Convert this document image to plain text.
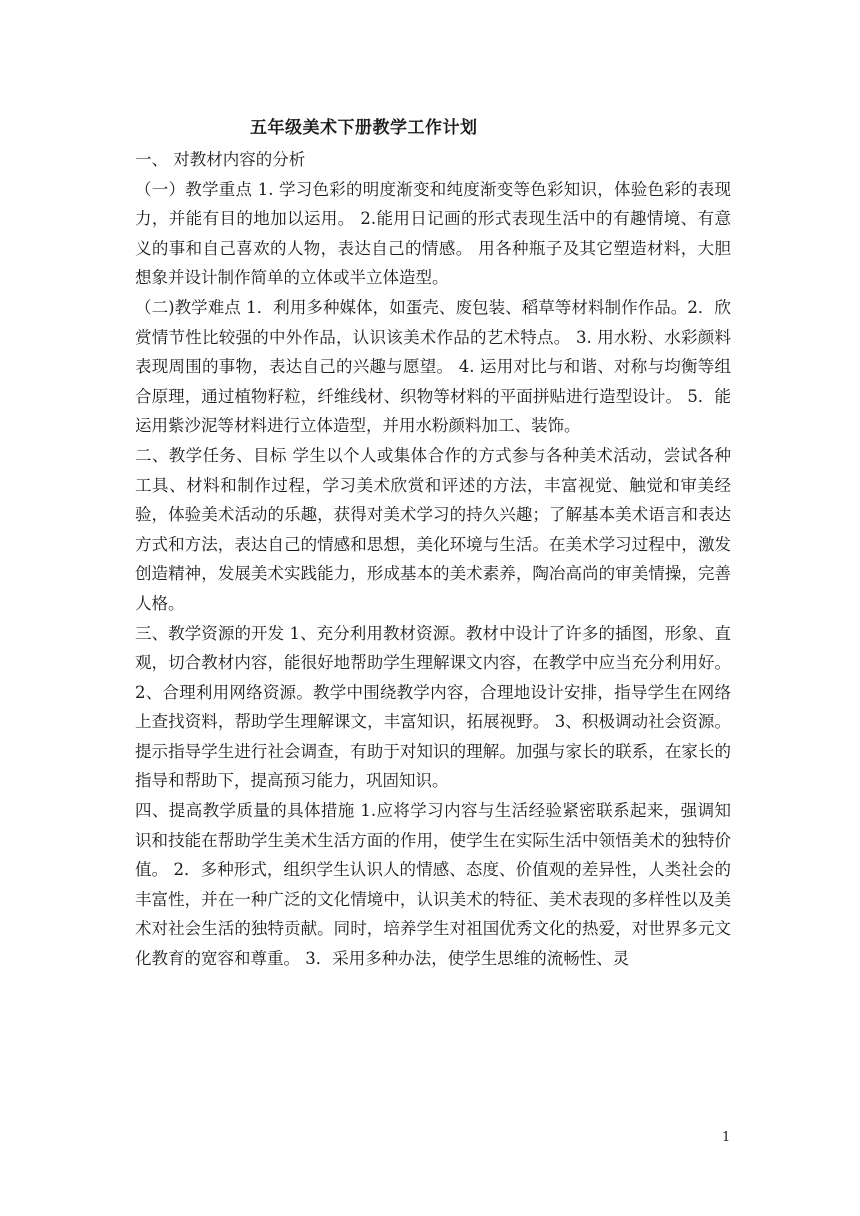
五年级美术下册教学工作计划

一、 对教材内容的分析

（一）教学重点 1. 学习色彩的明度渐变和纯度渐变等色彩知识，体验色彩的表现力，并能有目的地加以运用。 2.能用日记画的形式表现生活中的有趣情境、有意义的事和自己喜欢的人物，表达自己的情感。 用各种瓶子及其它塑造材料，大胆想象并设计制作简单的立体或半立体造型。

（二)教学难点 1．利用多种媒体，如蛋壳、废包装、稻草等材料制作作品。2．欣赏情节性比较强的中外作品，认识该美术作品的艺术特点。 3. 用水粉、水彩颜料表现周围的事物，表达自己的兴趣与愿望。 4. 运用对比与和谐、对称与均衡等组合原理，通过植物籽粒，纤维线材、织物等材料的平面拼贴进行造型设计。 5．能运用紫沙泥等材料进行立体造型，并用水粉颜料加工、装饰。

二、教学任务、目标 学生以个人或集体合作的方式参与各种美术活动，尝试各种工具、材料和制作过程，学习美术欣赏和评述的方法，丰富视觉、触觉和审美经验，体验美术活动的乐趣，获得对美术学习的持久兴趣；了解基本美术语言和表达方式和方法，表达自己的情感和思想，美化环境与生活。在美术学习过程中，激发创造精神，发展美术实践能力，形成基本的美术素养，陶冶高尚的审美情操，完善人格。

三、教学资源的开发 1、充分利用教材资源。教材中设计了许多的插图，形象、直观，切合教材内容，能很好地帮助学生理解课文内容，在教学中应当充分利用好。 2、合理利用网络资源。教学中围绕教学内容，合理地设计安排，指导学生在网络上查找资料，帮助学生理解课文，丰富知识，拓展视野。 3、积极调动社会资源。提示指导学生进行社会调查，有助于对知识的理解。加强与家长的联系，在家长的指导和帮助下，提高预习能力，巩固知识。

四、提高教学质量的具体措施 1.应将学习内容与生活经验紧密联系起来，强调知识和技能在帮助学生美术生活方面的作用，使学生在实际生活中领悟美术的独特价值。 2．多种形式，组织学生认识人的情感、态度、价值观的差异性，人类社会的丰富性，并在一种广泛的文化情境中，认识美术的特征、美术表现的多样性以及美术对社会生活的独特贡献。同时，培养学生对祖国优秀文化的热爱，对世界多元文化教育的宽容和尊重。 3．采用多种办法，使学生思维的流畅性、灵

1
